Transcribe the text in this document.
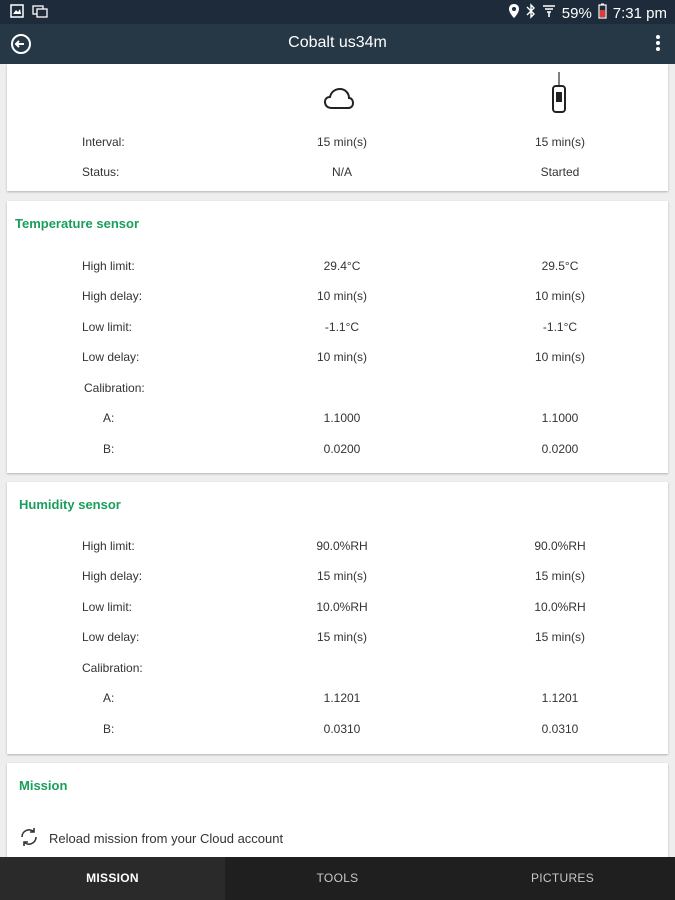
59% 7:31 pm
Cobalt us34m
Interval:	15 min(s)	15 min(s)
Status:	N/A	Started
Temperature sensor
High limit:	29.4°C	29.5°C
High delay:	10 min(s)	10 min(s)
Low limit:	-1.1°C	-1.1°C
Low delay:	10 min(s)	10 min(s)
Calibration:
A:	1.1000	1.1000
B:	0.0200	0.0200
Humidity sensor
High limit:	90.0%RH	90.0%RH
High delay:	15 min(s)	15 min(s)
Low limit:	10.0%RH	10.0%RH
Low delay:	15 min(s)	15 min(s)
Calibration:
A:	1.1201	1.1201
B:	0.0310	0.0310
Mission
Reload mission from your Cloud account
MISSION	TOOLS	PICTURES
